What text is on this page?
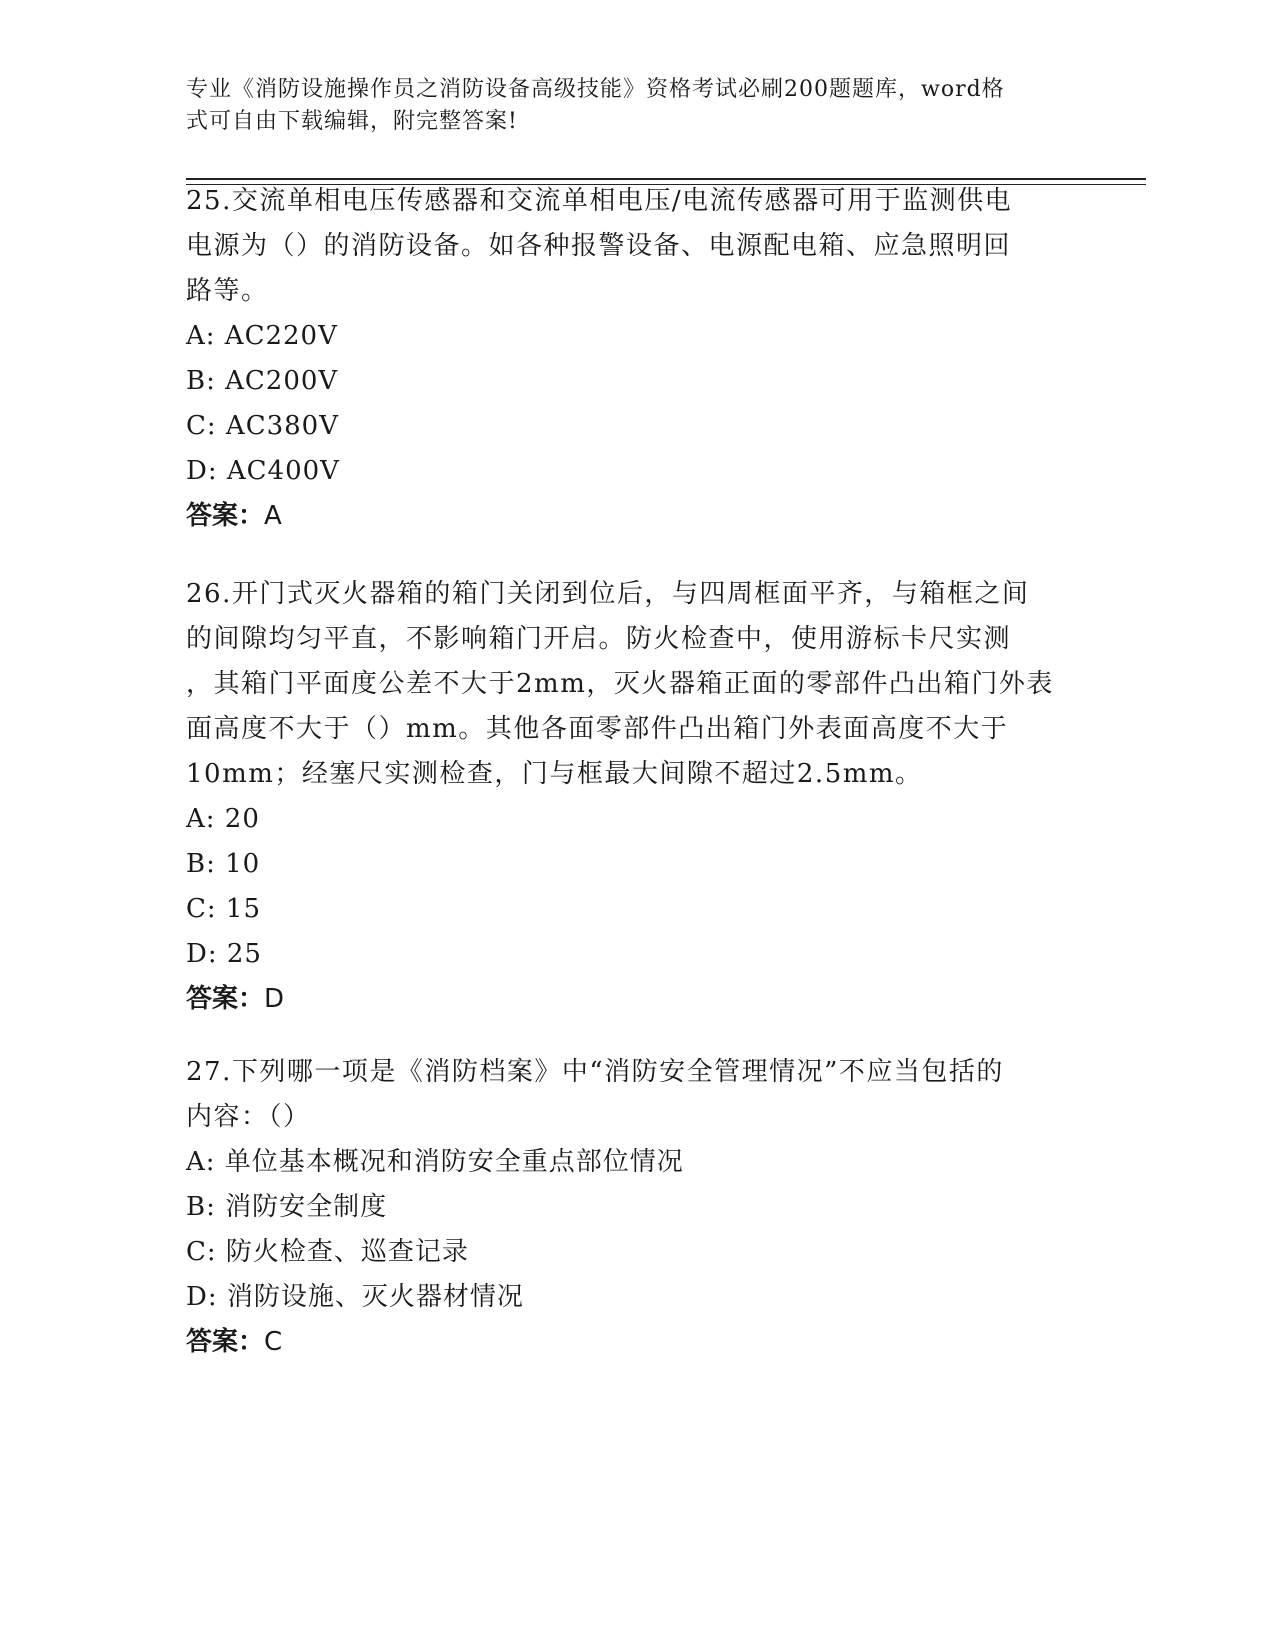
专业《消防设施操作员之消防设备高级技能》资格考试必刷200题题库，word格
式可自由下载编辑，附完整答案!
25.交流单相电压传感器和交流单相电压/电流传感器可用于监测供电
电源为（）的消防设备。如各种报警设备、电源配电箱、应急照明回
路等。
A: AC220V
B: AC200V
C: AC380V
D: AC400V
答案：A
26.开门式灭火器箱的箱门关闭到位后，与四周框面平齐，与箱框之间
的间隙均匀平直，不影响箱门开启。防火检查中，使用游标卡尺实测
，其箱门平面度公差不大于2mm，灭火器箱正面的零部件凸出箱门外表
面高度不大于（）mm。其他各面零部件凸出箱门外表面高度不大于
10mm；经塞尺实测检查，门与框最大间隙不超过2.5mm。
A: 20
B: 10
C: 15
D: 25
答案：D
27.下列哪一项是《消防档案》中“消防安全管理情况”不应当包括的
内容：（）
A: 单位基本概况和消防安全重点部位情况
B: 消防安全制度
C: 防火检查、巡查记录
D: 消防设施、灭火器材情况
答案：C
